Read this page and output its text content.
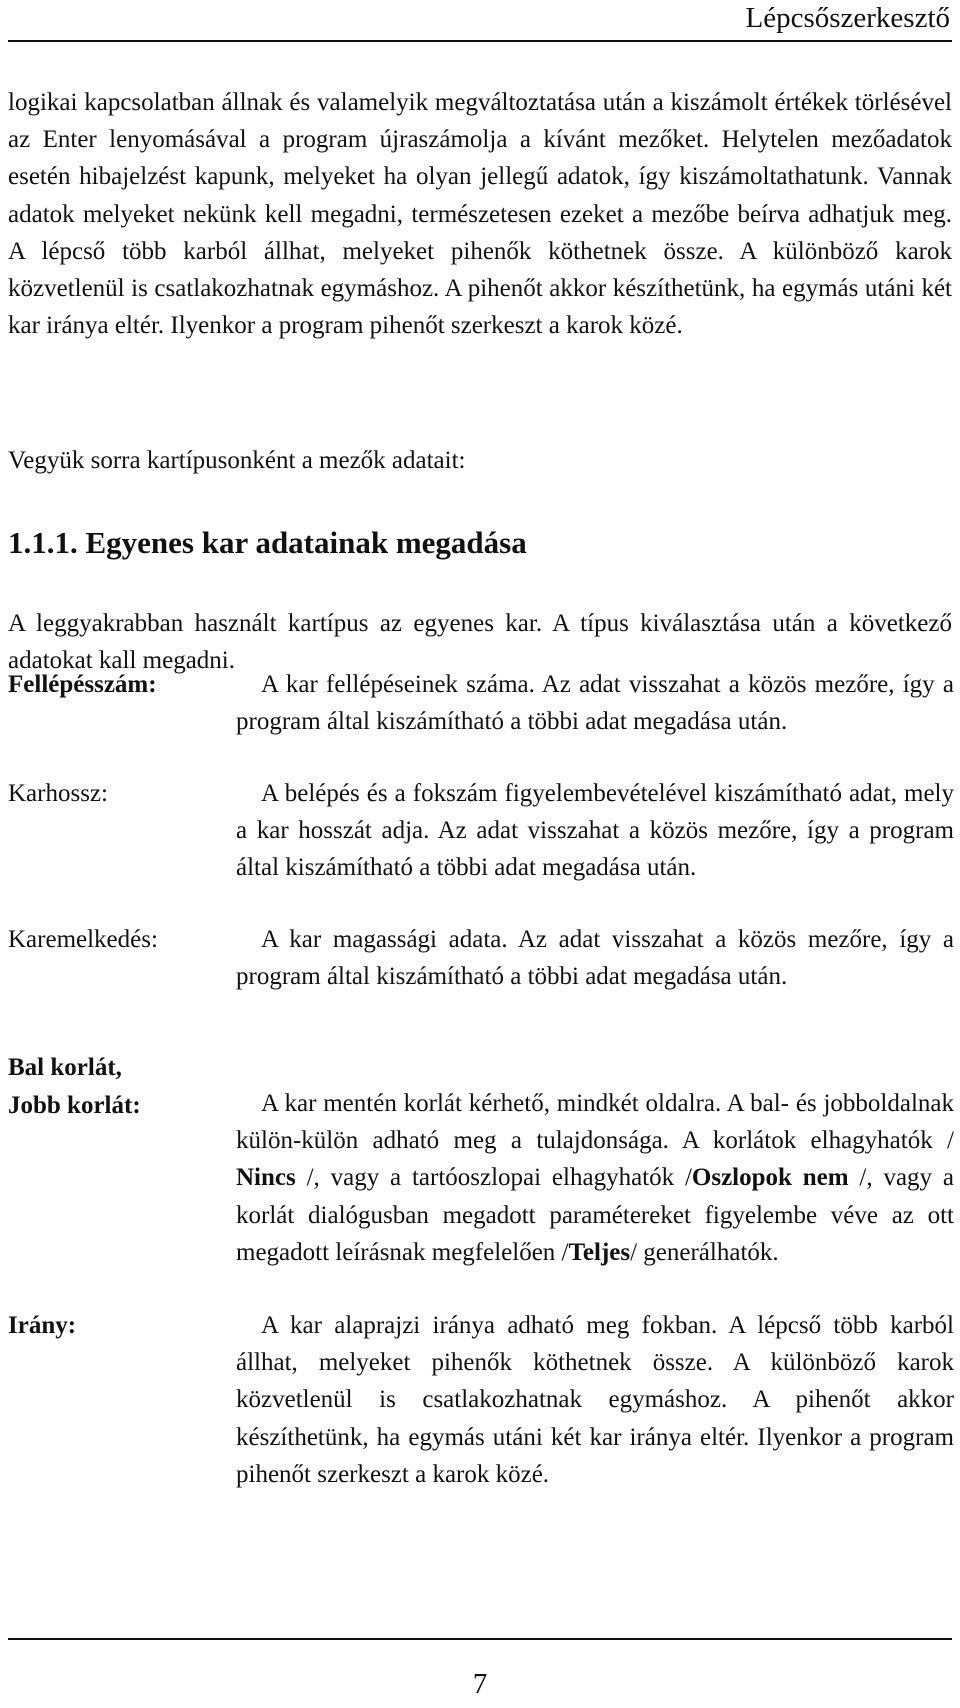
Lépcsőszerkesztő

logikai kapcsolatban állnak és valamelyik megváltoztatása után a kiszámolt értékek törlésével az Enter lenyomásával a program újraszámolja a kívánt mezőket. Helytelen mezőadatok esetén hibajelzést kapunk, melyeket ha olyan jellegű adatok, így kiszámoltathatunk. Vannak adatok melyeket nekünk kell megadni, természetesen ezeket a mezőbe beírva adhatjuk meg. A lépcső több karból állhat, melyeket pihenők köthetnek össze. A különböző karok közvetlenül is csatlakozhatnak egymáshoz. A pihenőt akkor készíthetünk, ha egymás utáni két kar iránya eltér. Ilyenkor a program pihenőt szerkeszt a karok közé.

Vegyük sorra kartípusonként a mezők adatait:

1.1.1. Egyenes kar adatainak megadása

A leggyakrabban használt kartípus az egyenes kar. A típus kiválasztása után a következő adatokat kall megadni.

Fellépésszám:	A kar fellépéseinek száma. Az adat visszahat a közös mezőre, így a program által kiszámítható a többi adat megadása után.

Karhossz:	A belépés és a fokszám figyelembevételével kiszámítható adat, mely a kar hosszát adja. Az adat visszahat a közös mezőre, így a program által kiszámítható a többi adat megadása után.

Karemelkedés:	A kar magassági adata. Az adat visszahat a közös mezőre, így a program által kiszámítható a többi adat megadása után.

Bal korlát,
Jobb korlát:	A kar mentén korlát kérhető, mindkét oldalra. A bal- és jobboldalnak külön-külön adható meg a tulajdonsága. A korlátok elhagyhatók / Nincs /, vagy a tartóoszlopai elhagyhatók /Oszlopok nem /, vagy a korlát dialógusban megadott paramétereket figyelembe véve az ott megadott leírásnak megfelelően /Teljes/ generálhatók.

Irány:	A kar alaprajzi iránya adható meg fokban. A lépcső több karból állhat, melyeket pihenők köthetnek össze. A különböző karok közvetlenül is csatlakozhatnak egymáshoz. A pihenőt akkor készíthetünk, ha egymás utáni két kar iránya eltér. Ilyenkor a program pihenőt szerkeszt a karok közé.

7
